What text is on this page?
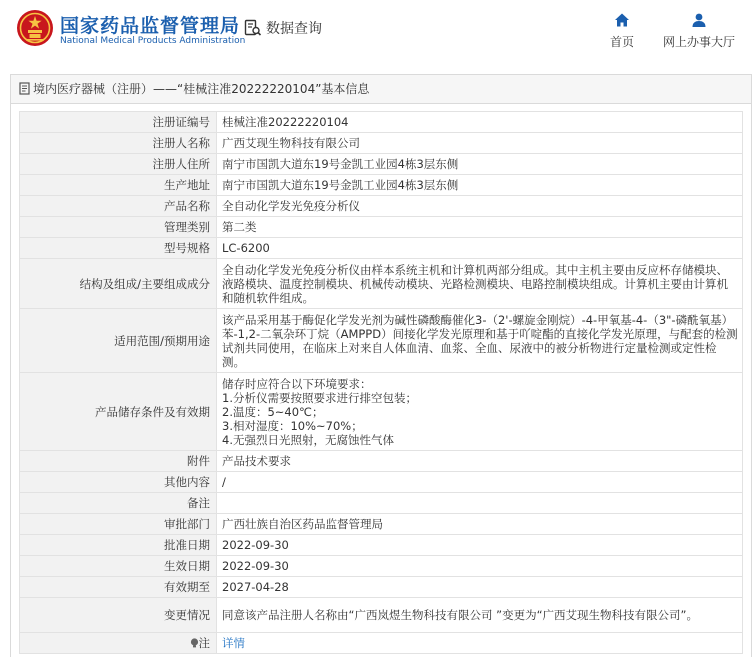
国家药品监督管理局
National Medical Products Administration
数据查询
首页	网上办事大厅
境内医疗器械（注册）——“桂械注准20222220104”基本信息
注册证编号	桂械注准20222220104
注册人名称	广西艾现生物科技有限公司
注册人住所	南宁市国凯大道东19号金凯工业园4栋3层东侧
生产地址	南宁市国凯大道东19号金凯工业园4栋3层东侧
产品名称	全自动化学发光免疫分析仪
管理类别	第二类
型号规格	LC-6200
结构及组成/主要组成成分	全自动化学发光免疫分析仪由样本系统主机和计算机两部分组成。其中主机主要由反应杯存储模块、液路模块、温度控制模块、机械传动模块、光路检测模块、电路控制模块组成。计算机主要由计算机和随机软件组成。
适用范围/预期用途	该产品采用基于酶促化学发光剂为碱性磷酸酶催化3-（2'-螺旋金刚烷）-4-甲氧基-4-（3"-磷酰氧基）苯-1,2-二氧杂环丁烷（AMPPD）间接化学发光原理和基于吖啶酯的直接化学发光原理，与配套的检测试剂共同使用，在临床上对来自人体血清、血浆、全血、尿液中的被分析物进行定量检测或定性检测。
产品储存条件及有效期	储存时应符合以下环境要求：
1.分析仪需要按照要求进行排空包装；
2.温度：5~40℃；
3.相对湿度：10%~70%；
4.无强烈日光照射，无腐蚀性气体

附件	产品技术要求
其他内容	/
备注	
审批部门	广西壮族自治区药品监督管理局
批准日期	2022-09-30
生效日期	2022-09-30
有效期至	2027-04-28
变更情况	同意该产品注册人名称由“广西岚煜生物科技有限公司 ”变更为“广西艾现生物科技有限公司”。
注	详情
